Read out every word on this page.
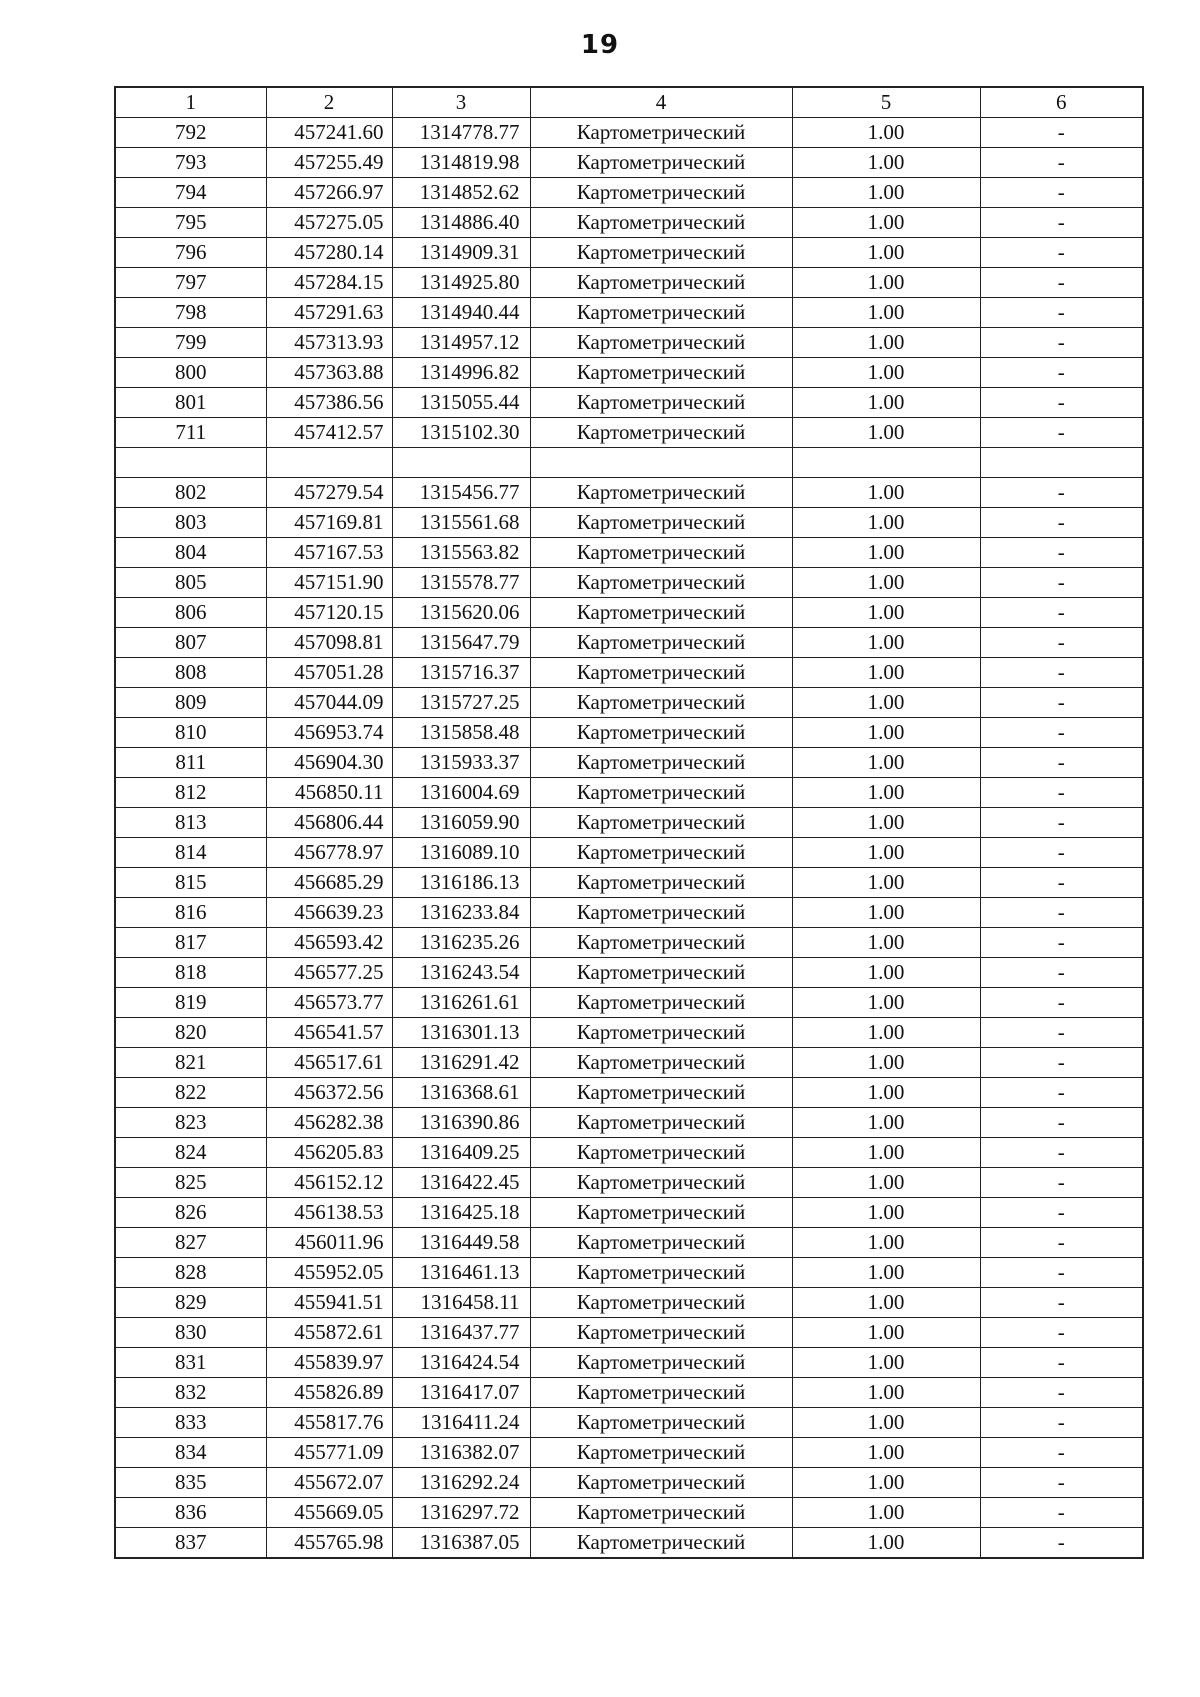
19
1	2	3	4	5	6
792	457241.60	1314778.77	Картометрический	1.00	-
793	457255.49	1314819.98	Картометрический	1.00	-
794	457266.97	1314852.62	Картометрический	1.00	-
795	457275.05	1314886.40	Картометрический	1.00	-
796	457280.14	1314909.31	Картометрический	1.00	-
797	457284.15	1314925.80	Картометрический	1.00	-
798	457291.63	1314940.44	Картометрический	1.00	-
799	457313.93	1314957.12	Картометрический	1.00	-
800	457363.88	1314996.82	Картометрический	1.00	-
801	457386.56	1315055.44	Картометрический	1.00	-
711	457412.57	1315102.30	Картометрический	1.00	-

802	457279.54	1315456.77	Картометрический	1.00	-
803	457169.81	1315561.68	Картометрический	1.00	-
804	457167.53	1315563.82	Картометрический	1.00	-
805	457151.90	1315578.77	Картометрический	1.00	-
806	457120.15	1315620.06	Картометрический	1.00	-
807	457098.81	1315647.79	Картометрический	1.00	-
808	457051.28	1315716.37	Картометрический	1.00	-
809	457044.09	1315727.25	Картометрический	1.00	-
810	456953.74	1315858.48	Картометрический	1.00	-
811	456904.30	1315933.37	Картометрический	1.00	-
812	456850.11	1316004.69	Картометрический	1.00	-
813	456806.44	1316059.90	Картометрический	1.00	-
814	456778.97	1316089.10	Картометрический	1.00	-
815	456685.29	1316186.13	Картометрический	1.00	-
816	456639.23	1316233.84	Картометрический	1.00	-
817	456593.42	1316235.26	Картометрический	1.00	-
818	456577.25	1316243.54	Картометрический	1.00	-
819	456573.77	1316261.61	Картометрический	1.00	-
820	456541.57	1316301.13	Картометрический	1.00	-
821	456517.61	1316291.42	Картометрический	1.00	-
822	456372.56	1316368.61	Картометрический	1.00	-
823	456282.38	1316390.86	Картометрический	1.00	-
824	456205.83	1316409.25	Картометрический	1.00	-
825	456152.12	1316422.45	Картометрический	1.00	-
826	456138.53	1316425.18	Картометрический	1.00	-
827	456011.96	1316449.58	Картометрический	1.00	-
828	455952.05	1316461.13	Картометрический	1.00	-
829	455941.51	1316458.11	Картометрический	1.00	-
830	455872.61	1316437.77	Картометрический	1.00	-
831	455839.97	1316424.54	Картометрический	1.00	-
832	455826.89	1316417.07	Картометрический	1.00	-
833	455817.76	1316411.24	Картометрический	1.00	-
834	455771.09	1316382.07	Картометрический	1.00	-
835	455672.07	1316292.24	Картометрический	1.00	-
836	455669.05	1316297.72	Картометрический	1.00	-
837	455765.98	1316387.05	Картометрический	1.00	-
